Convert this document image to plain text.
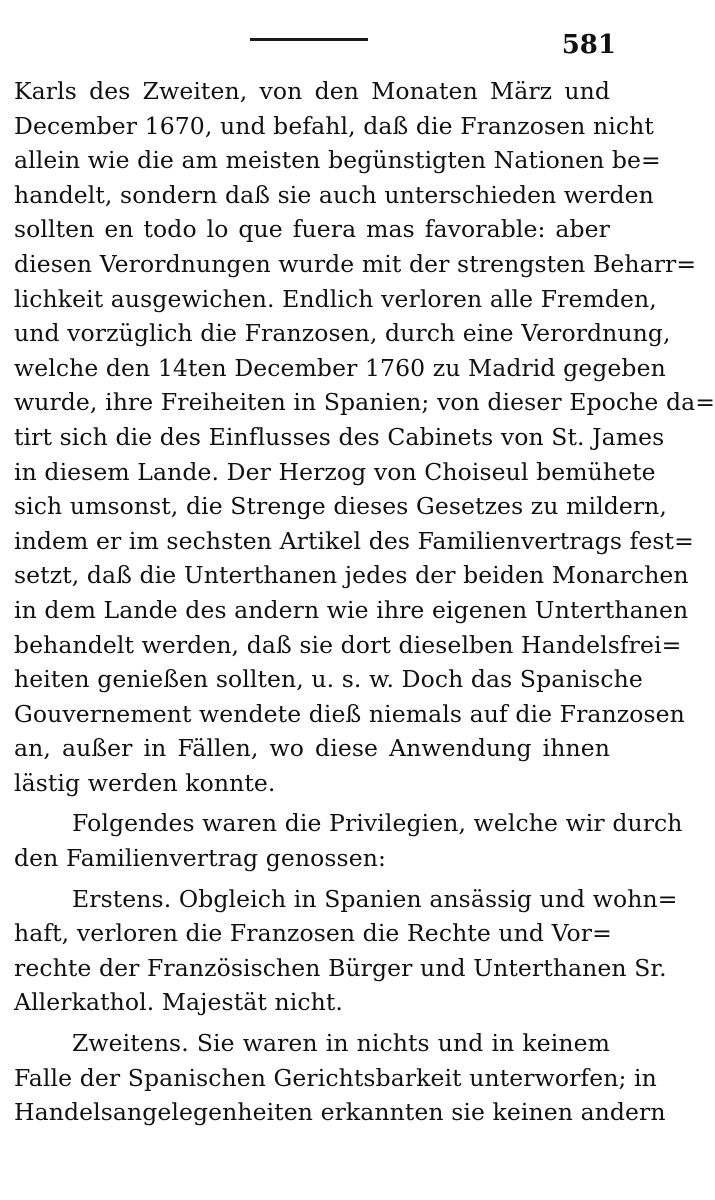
581
Karls des Zweiten, von den Monaten März und
December 1670, und befahl, daß die Franzosen nicht
allein wie die am meisten begünstigten Nationen be=
handelt, sondern daß sie auch unterschieden werden
sollten en todo lo que fuera mas favorable: aber
diesen Verordnungen wurde mit der strengsten Beharr=
lichkeit ausgewichen. Endlich verloren alle Fremden,
und vorzüglich die Franzosen, durch eine Verordnung,
welche den 14ten December 1760 zu Madrid gegeben
wurde, ihre Freiheiten in Spanien; von dieser Epoche da=
tirt sich die des Einflusses des Cabinets von St. James
in diesem Lande. Der Herzog von Choiseul bemühete
sich umsonst, die Strenge dieses Gesetzes zu mildern,
indem er im sechsten Artikel des Familienvertrags fest=
setzt, daß die Unterthanen jedes der beiden Monarchen
in dem Lande des andern wie ihre eigenen Unterthanen
behandelt werden, daß sie dort dieselben Handelsfrei=
heiten genießen sollten, u. s. w. Doch das Spanische
Gouvernement wendete dieß niemals auf die Franzosen
an, außer in Fällen, wo diese Anwendung ihnen
lästig werden konnte.
Folgendes waren die Privilegien, welche wir durch
den Familienvertrag genossen:
Erstens. Obgleich in Spanien ansässig und wohn=
haft, verloren die Franzosen die Rechte und Vor=
rechte der Französischen Bürger und Unterthanen Sr.
Allerkathol. Majestät nicht.
Zweitens. Sie waren in nichts und in keinem
Falle der Spanischen Gerichtsbarkeit unterworfen; in
Handelsangelegenheiten erkannten sie keinen andern
